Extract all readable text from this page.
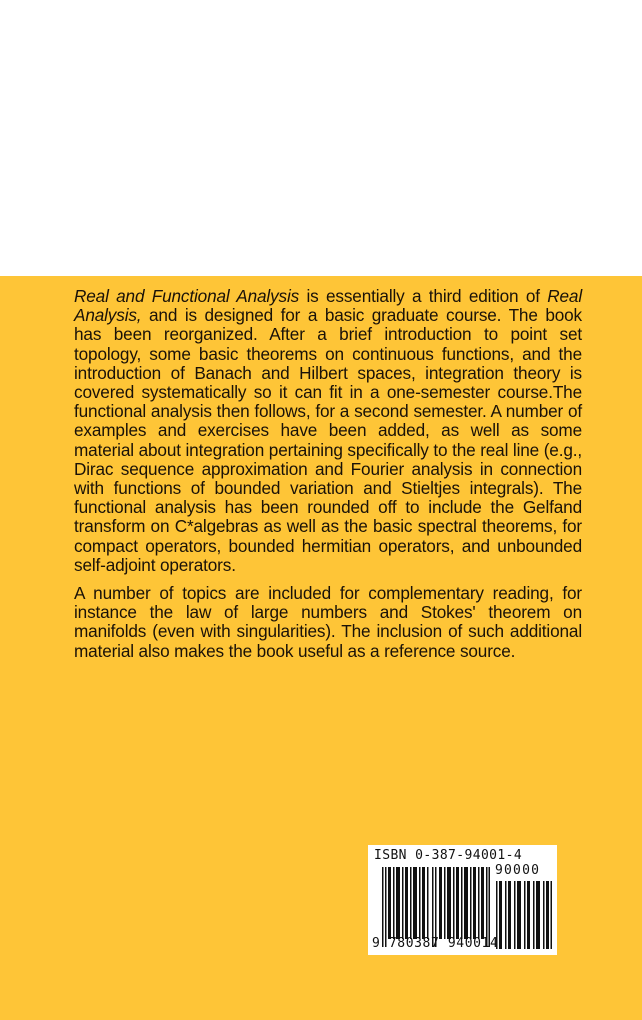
Real and Functional Analysis is essentially a third edition of Real Analysis, and is designed for a basic graduate course. The book has been reorganized. After a brief introduction to point set topology, some basic theorems on continuous functions, and the introduction of Banach and Hilbert spaces, integration theory is covered systematically so it can fit in a one-semester course.The functional analysis then follows, for a second semester. A number of examples and exercises have been added, as well as some material about integration pertaining specifically to the real line (e.g., Dirac sequence approximation and Fourier analysis in connection with functions of bounded variation and Stieltjes integrals). The functional analysis has been rounded off to include the Gelfand transform on C*algebras as well as the basic spectral theorems, for compact operators, bounded hermitian operators, and unbounded self-adjoint operators.

A number of topics are included for complementary reading, for instance the law of large numbers and Stokes' theorem on manifolds (even with singularities). The inclusion of such additional material also makes the book useful as a reference source.

ISBN 0-387-94001-4
90000
9 780387 940014
